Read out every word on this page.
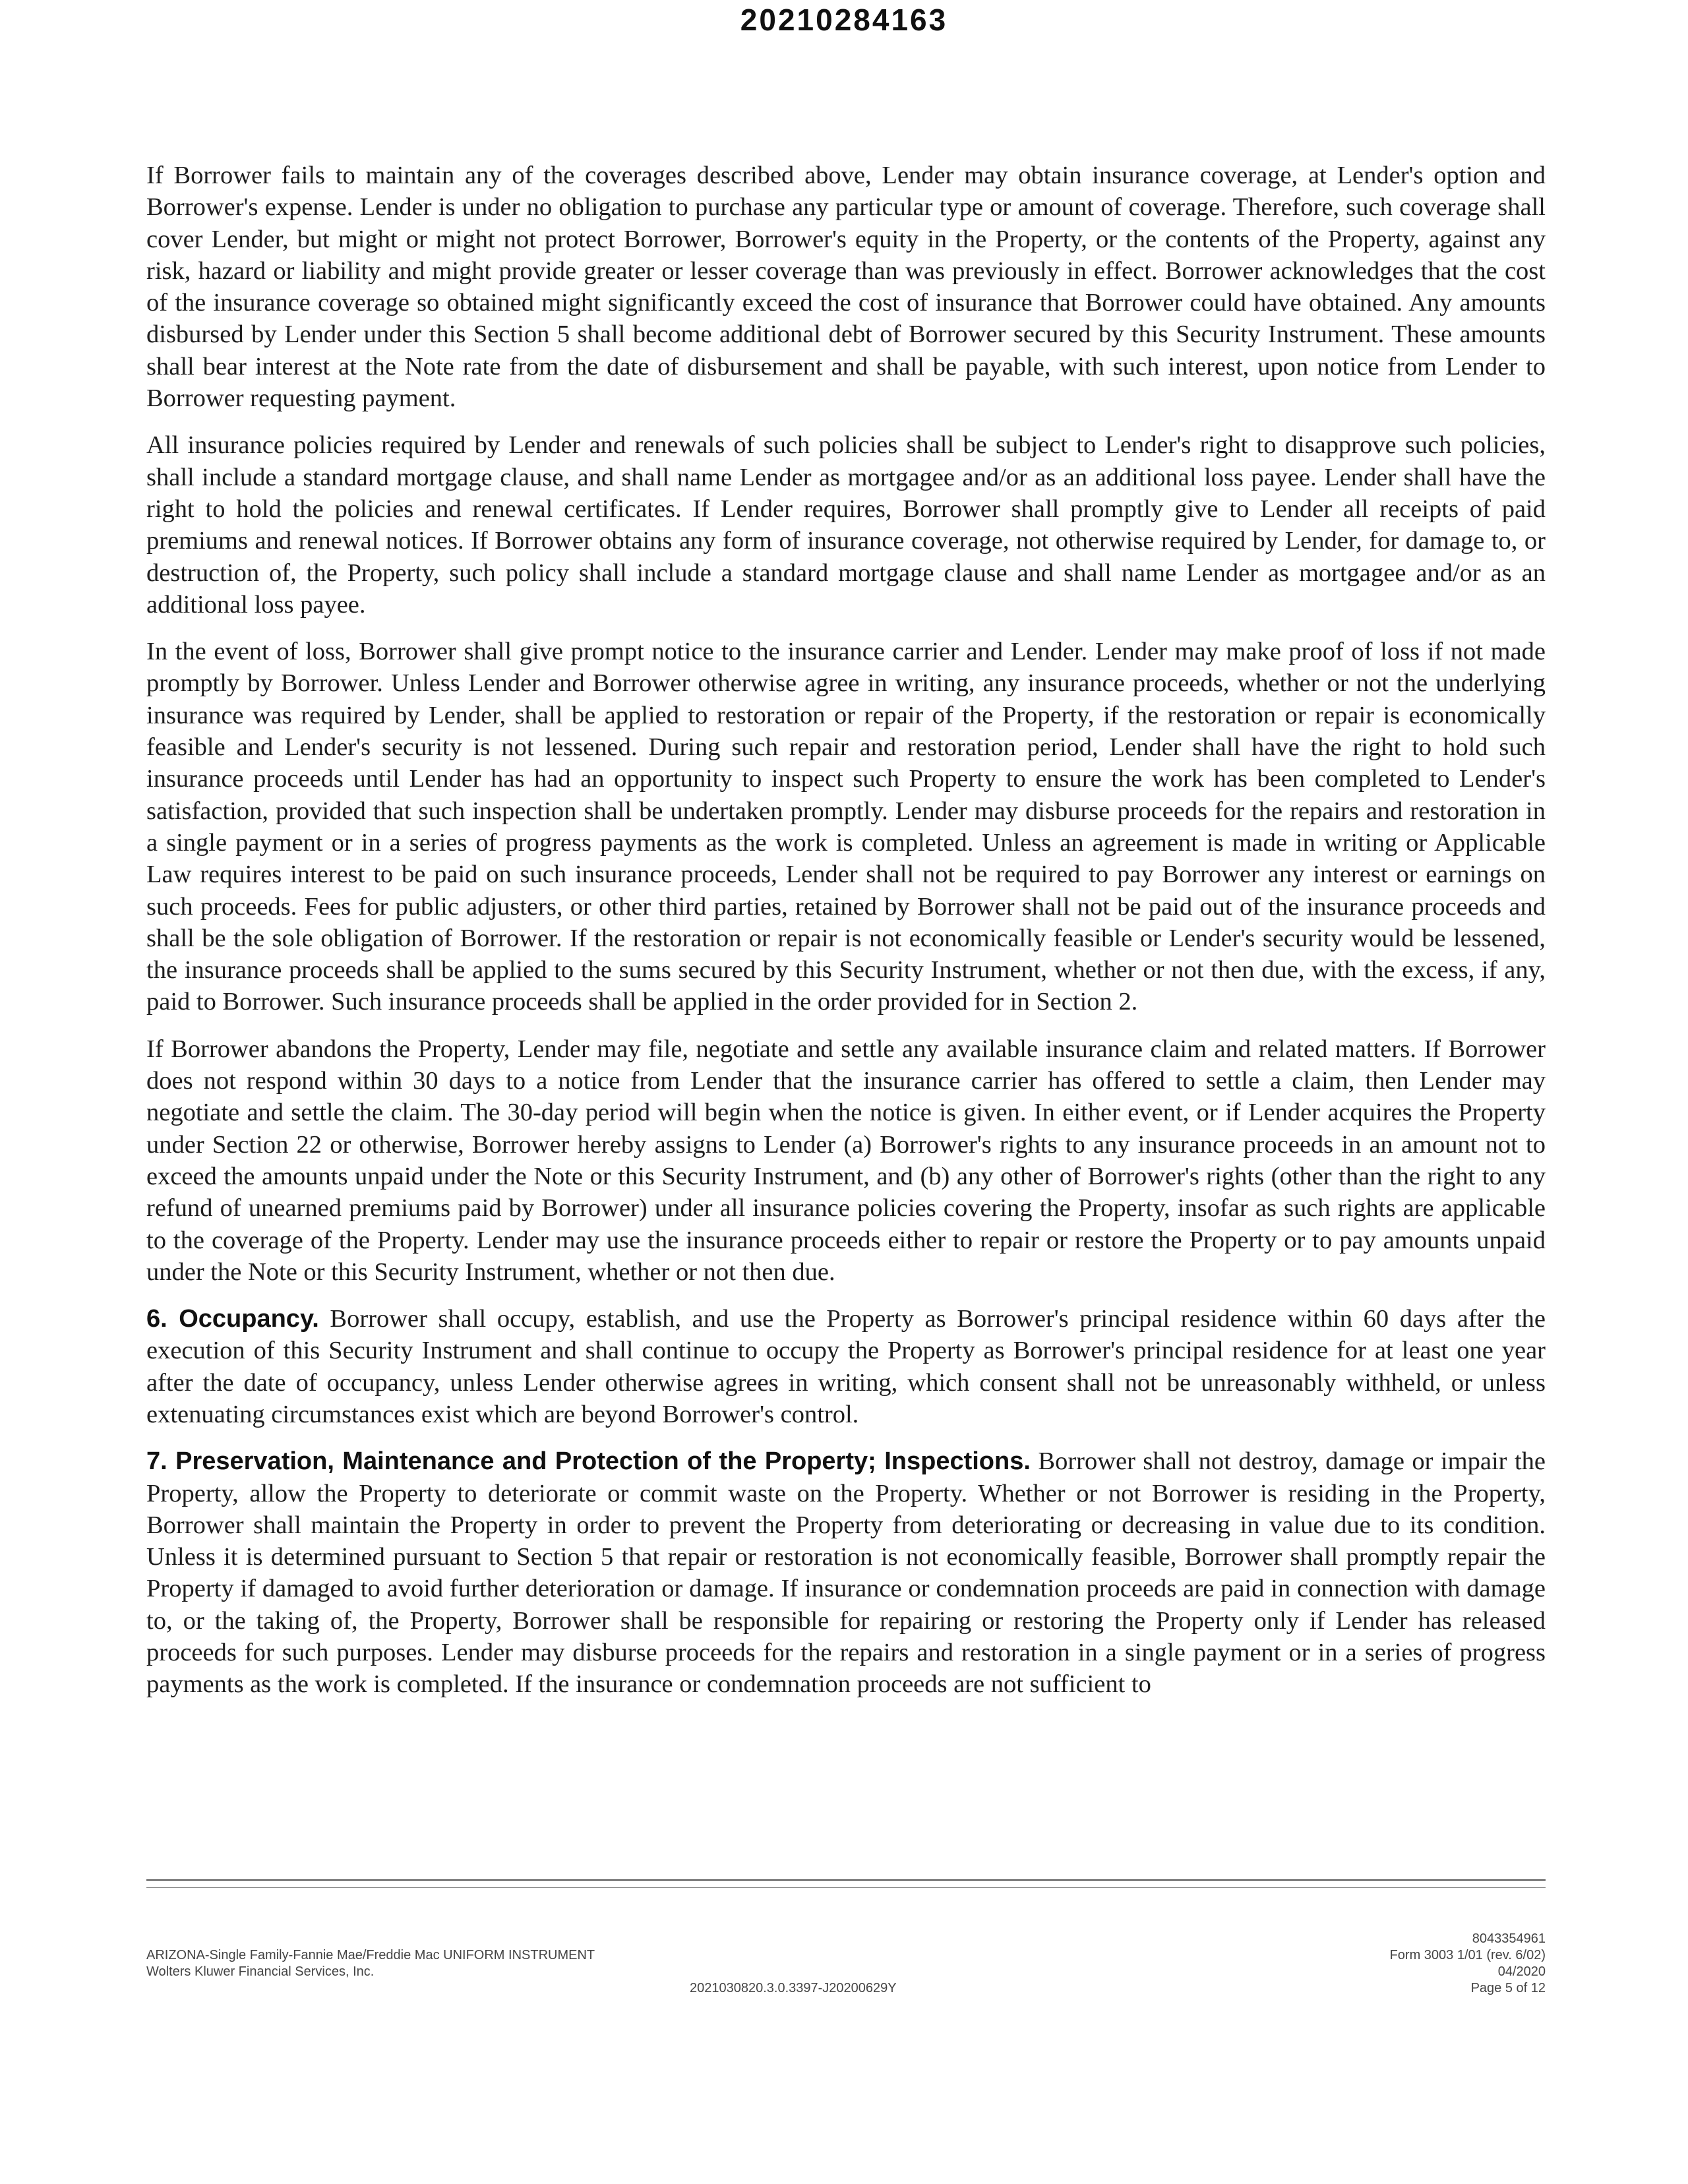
20210284163

If Borrower fails to maintain any of the coverages described above, Lender may obtain insurance coverage, at Lender's option and Borrower's expense. Lender is under no obligation to purchase any particular type or amount of coverage. Therefore, such coverage shall cover Lender, but might or might not protect Borrower, Borrower's equity in the Property, or the contents of the Property, against any risk, hazard or liability and might provide greater or lesser coverage than was previously in effect. Borrower acknowledges that the cost of the insurance coverage so obtained might significantly exceed the cost of insurance that Borrower could have obtained. Any amounts disbursed by Lender under this Section 5 shall become additional debt of Borrower secured by this Security Instrument. These amounts shall bear interest at the Note rate from the date of disbursement and shall be payable, with such interest, upon notice from Lender to Borrower requesting payment.

All insurance policies required by Lender and renewals of such policies shall be subject to Lender's right to disapprove such policies, shall include a standard mortgage clause, and shall name Lender as mortgagee and/or as an additional loss payee. Lender shall have the right to hold the policies and renewal certificates. If Lender requires, Borrower shall promptly give to Lender all receipts of paid premiums and renewal notices. If Borrower obtains any form of insurance coverage, not otherwise required by Lender, for damage to, or destruction of, the Property, such policy shall include a standard mortgage clause and shall name Lender as mortgagee and/or as an additional loss payee.

In the event of loss, Borrower shall give prompt notice to the insurance carrier and Lender. Lender may make proof of loss if not made promptly by Borrower. Unless Lender and Borrower otherwise agree in writing, any insurance proceeds, whether or not the underlying insurance was required by Lender, shall be applied to restoration or repair of the Property, if the restoration or repair is economically feasible and Lender's security is not lessened. During such repair and restoration period, Lender shall have the right to hold such insurance proceeds until Lender has had an opportunity to inspect such Property to ensure the work has been completed to Lender's satisfaction, provided that such inspection shall be undertaken promptly. Lender may disburse proceeds for the repairs and restoration in a single payment or in a series of progress payments as the work is completed. Unless an agreement is made in writing or Applicable Law requires interest to be paid on such insurance proceeds, Lender shall not be required to pay Borrower any interest or earnings on such proceeds. Fees for public adjusters, or other third parties, retained by Borrower shall not be paid out of the insurance proceeds and shall be the sole obligation of Borrower. If the restoration or repair is not economically feasible or Lender's security would be lessened, the insurance proceeds shall be applied to the sums secured by this Security Instrument, whether or not then due, with the excess, if any, paid to Borrower. Such insurance proceeds shall be applied in the order provided for in Section 2.

If Borrower abandons the Property, Lender may file, negotiate and settle any available insurance claim and related matters. If Borrower does not respond within 30 days to a notice from Lender that the insurance carrier has offered to settle a claim, then Lender may negotiate and settle the claim. The 30-day period will begin when the notice is given. In either event, or if Lender acquires the Property under Section 22 or otherwise, Borrower hereby assigns to Lender (a) Borrower's rights to any insurance proceeds in an amount not to exceed the amounts unpaid under the Note or this Security Instrument, and (b) any other of Borrower's rights (other than the right to any refund of unearned premiums paid by Borrower) under all insurance policies covering the Property, insofar as such rights are applicable to the coverage of the Property. Lender may use the insurance proceeds either to repair or restore the Property or to pay amounts unpaid under the Note or this Security Instrument, whether or not then due.

6. Occupancy. Borrower shall occupy, establish, and use the Property as Borrower's principal residence within 60 days after the execution of this Security Instrument and shall continue to occupy the Property as Borrower's principal residence for at least one year after the date of occupancy, unless Lender otherwise agrees in writing, which consent shall not be unreasonably withheld, or unless extenuating circumstances exist which are beyond Borrower's control.

7. Preservation, Maintenance and Protection of the Property; Inspections. Borrower shall not destroy, damage or impair the Property, allow the Property to deteriorate or commit waste on the Property. Whether or not Borrower is residing in the Property, Borrower shall maintain the Property in order to prevent the Property from deteriorating or decreasing in value due to its condition. Unless it is determined pursuant to Section 5 that repair or restoration is not economically feasible, Borrower shall promptly repair the Property if damaged to avoid further deterioration or damage. If insurance or condemnation proceeds are paid in connection with damage to, or the taking of, the Property, Borrower shall be responsible for repairing or restoring the Property only if Lender has released proceeds for such purposes. Lender may disburse proceeds for the repairs and restoration in a single payment or in a series of progress payments as the work is completed. If the insurance or condemnation proceeds are not sufficient to

ARIZONA-Single Family-Fannie Mae/Freddie Mac UNIFORM INSTRUMENT
Wolters Kluwer Financial Services, Inc.
2021030820.3.0.3397-J20200629Y
8043354961
Form 3003 1/01 (rev. 6/02)
04/2020
Page 5 of 12
